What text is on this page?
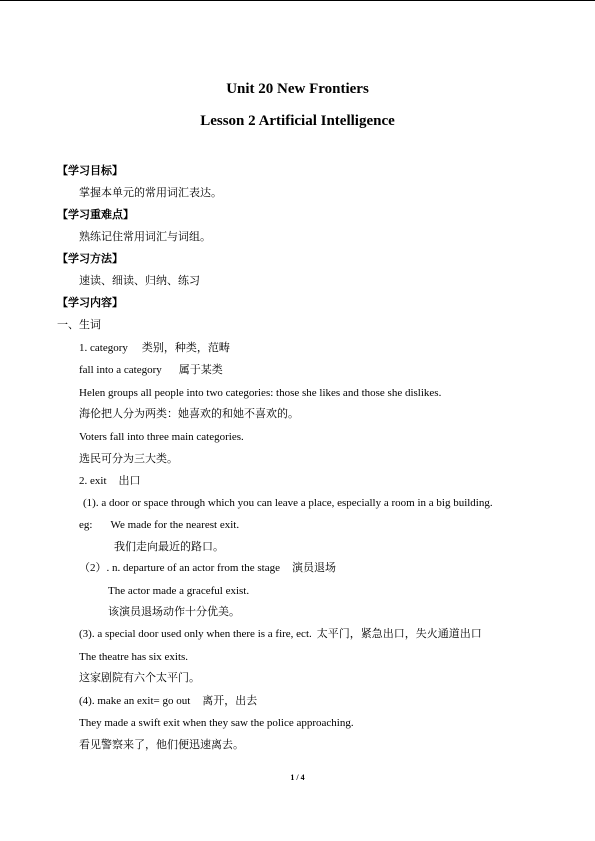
Unit 20 New Frontiers
Lesson 2 Artificial Intelligence
【学习目标】
掌握本单元的常用词汇表达。
【学习重难点】
熟练记住常用词汇与词组。
【学习方法】
速读、细读、归纳、练习
【学习内容】
一、生词
1. category 类别，种类，范畴
fall into a category 属于某类
Helen groups all people into two categories: those she likes and those she dislikes.
海伦把人分为两类：她喜欢的和她不喜欢的。
Voters fall into three main categories.
选民可分为三大类。
2. exit 出口
(1). a door or space through which you can leave a place, especially a room in a big building.
eg: We made for the nearest exit.
我们走向最近的路口。
（2）. n. departure of an actor from the stage 演员退场
The actor made a graceful exist.
该演员退场动作十分优美。
(3). a special door used only when there is a fire, ect. 太平门，紧急出口，失火通道出口
The theatre has six exits.
这家剧院有六个太平门。
(4). make an exit= go out 离开，出去
They made a swift exit when they saw the police approaching.
看见警察来了，他们便迅速离去。
1 / 4
